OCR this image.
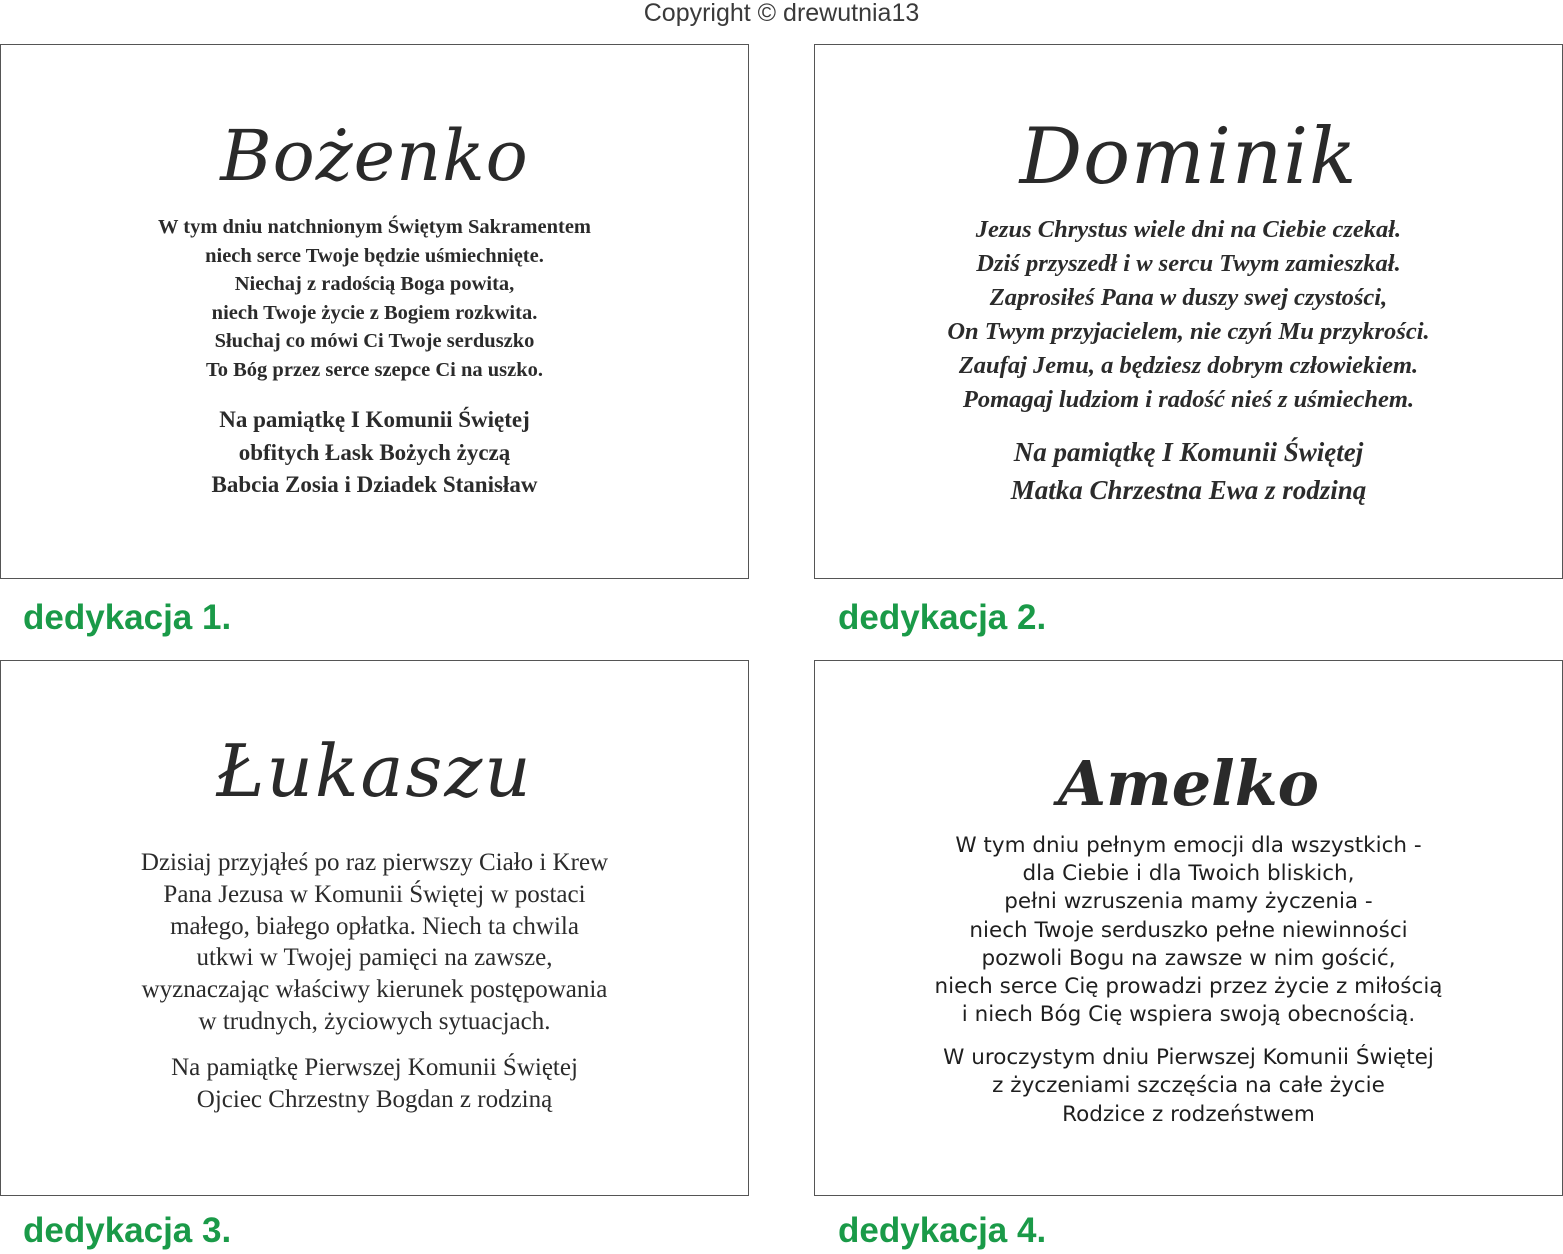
Copyright © drewutnia13
Bożenko
W tym dniu natchnionym Świętym Sakramentem
niech serce Twoje będzie uśmiechnięte.
Niechaj z radością Boga powita,
niech Twoje życie z Bogiem rozkwita.
Słuchaj co mówi Ci Twoje serduszko
To Bóg przez serce szepce Ci na uszko.
Na pamiątkę I Komunii Świętej
obfitych Łask Bożych życzą
Babcia Zosia i Dziadek Stanisław
dedykacja 1.
Dominik
Jezus Chrystus wiele dni na Ciebie czekał.
Dziś przyszedł i w sercu Twym zamieszkał.
Zaprosiłeś Pana w duszy swej czystości,
On Twym przyjacielem, nie czyń Mu przykrości.
Zaufaj Jemu, a będziesz dobrym człowiekiem.
Pomagaj ludziom i radość nieś z uśmiechem.
Na pamiątkę I Komunii Świętej
Matka Chrzestna Ewa z rodziną
dedykacja 2.
Łukaszu
Dzisiaj przyjąłeś po raz pierwszy Ciało i Krew
Pana Jezusa w Komunii Świętej w postaci
małego, białego opłatka. Niech ta chwila
utkwi w Twojej pamięci na zawsze,
wyznaczając właściwy kierunek postępowania
w trudnych, życiowych sytuacjach.
Na pamiątkę Pierwszej Komunii Świętej
Ojciec Chrzestny Bogdan z rodziną
dedykacja 3.
Amelko
W tym dniu pełnym emocji dla wszystkich -
dla Ciebie i dla Twoich bliskich,
pełni wzruszenia mamy życzenia -
niech Twoje serduszko pełne niewinności
pozwoli Bogu na zawsze w nim gościć,
niech serce Cię prowadzi przez życie z miłością
i niech Bóg Cię wspiera swoją obecnością.
W uroczystym dniu Pierwszej Komunii Świętej
z życzeniami szczęścia na całe życie
Rodzice z rodzeństwem
dedykacja 4.
